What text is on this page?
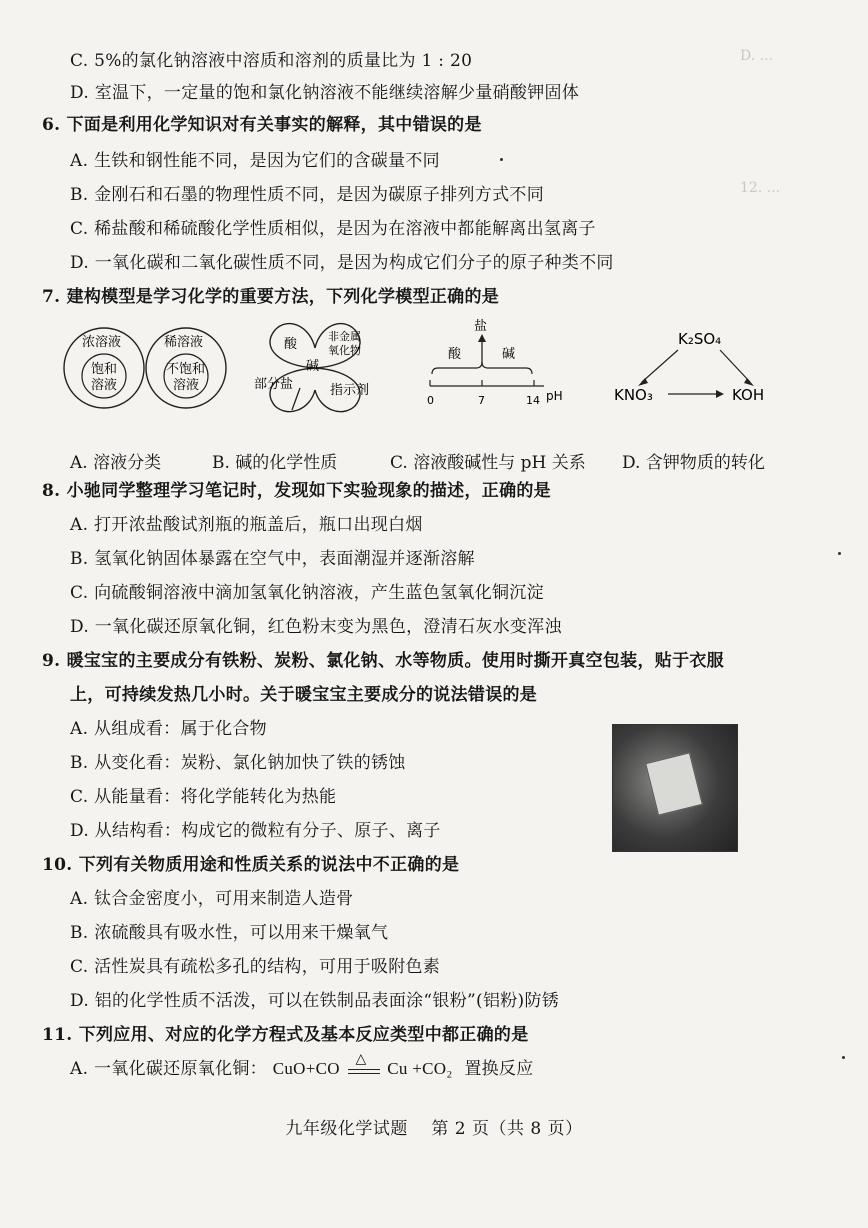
D. ...
12. ...
C. 5%的氯化钠溶液中溶质和溶剂的质量比为 1 : 20
D. 室温下，一定量的饱和氯化钠溶液不能继续溶解少量硝酸钾固体
6. 下面是利用化学知识对有关事实的解释，其中错误的是
A. 生铁和钢性能不同，是因为它们的含碳量不同
B. 金刚石和石墨的物理性质不同，是因为碳原子排列方式不同
C. 稀盐酸和稀硫酸化学性质相似，是因为在溶液中都能解离出氢离子
D. 一氧化碳和二氧化碳性质不同，是因为构成它们分子的原子种类不同
7. 建构模型是学习化学的重要方法，下列化学模型正确的是
浓溶液
饱和
溶液
稀溶液
不饱和
溶液
酸
碱
非金属
氧化物
部分盐	指示剂
盐
酸	碱
0	7	14 pH
K₂SO₄
KNO₃	KOH
A. 溶液分类	B. 碱的化学性质	C. 溶液酸碱性与 pH 关系 D. 含钾物质的转化
8. 小驰同学整理学习笔记时，发现如下实验现象的描述，正确的是
A. 打开浓盐酸试剂瓶的瓶盖后，瓶口出现白烟
B. 氢氧化钠固体暴露在空气中，表面潮湿并逐渐溶解
C. 向硫酸铜溶液中滴加氢氧化钠溶液，产生蓝色氢氧化铜沉淀
D. 一氧化碳还原氧化铜，红色粉末变为黑色，澄清石灰水变浑浊
9. 暖宝宝的主要成分有铁粉、炭粉、氯化钠、水等物质。使用时撕开真空包装，贴于衣服
上，可持续发热几小时。关于暖宝宝主要成分的说法错误的是
A. 从组成看：属于化合物
B. 从变化看：炭粉、氯化钠加快了铁的锈蚀
C. 从能量看：将化学能转化为热能
D. 从结构看：构成它的微粒有分子、原子、离子
10. 下列有关物质用途和性质关系的说法中不正确的是
A. 钛合金密度小，可用来制造人造骨
B. 浓硫酸具有吸水性，可以用来干燥氧气
C. 活性炭具有疏松多孔的结构，可用于吸附色素
D. 铝的化学性质不活泼，可以在铁制品表面涂“银粉”(铝粉)防锈
11. 下列应用、对应的化学方程式及基本反应类型中都正确的是
A. 一氧化碳还原氧化铜： CuO+CO △ Cu +CO₂ 置换反应
九年级化学试题　 第 2 页（共 8 页）
